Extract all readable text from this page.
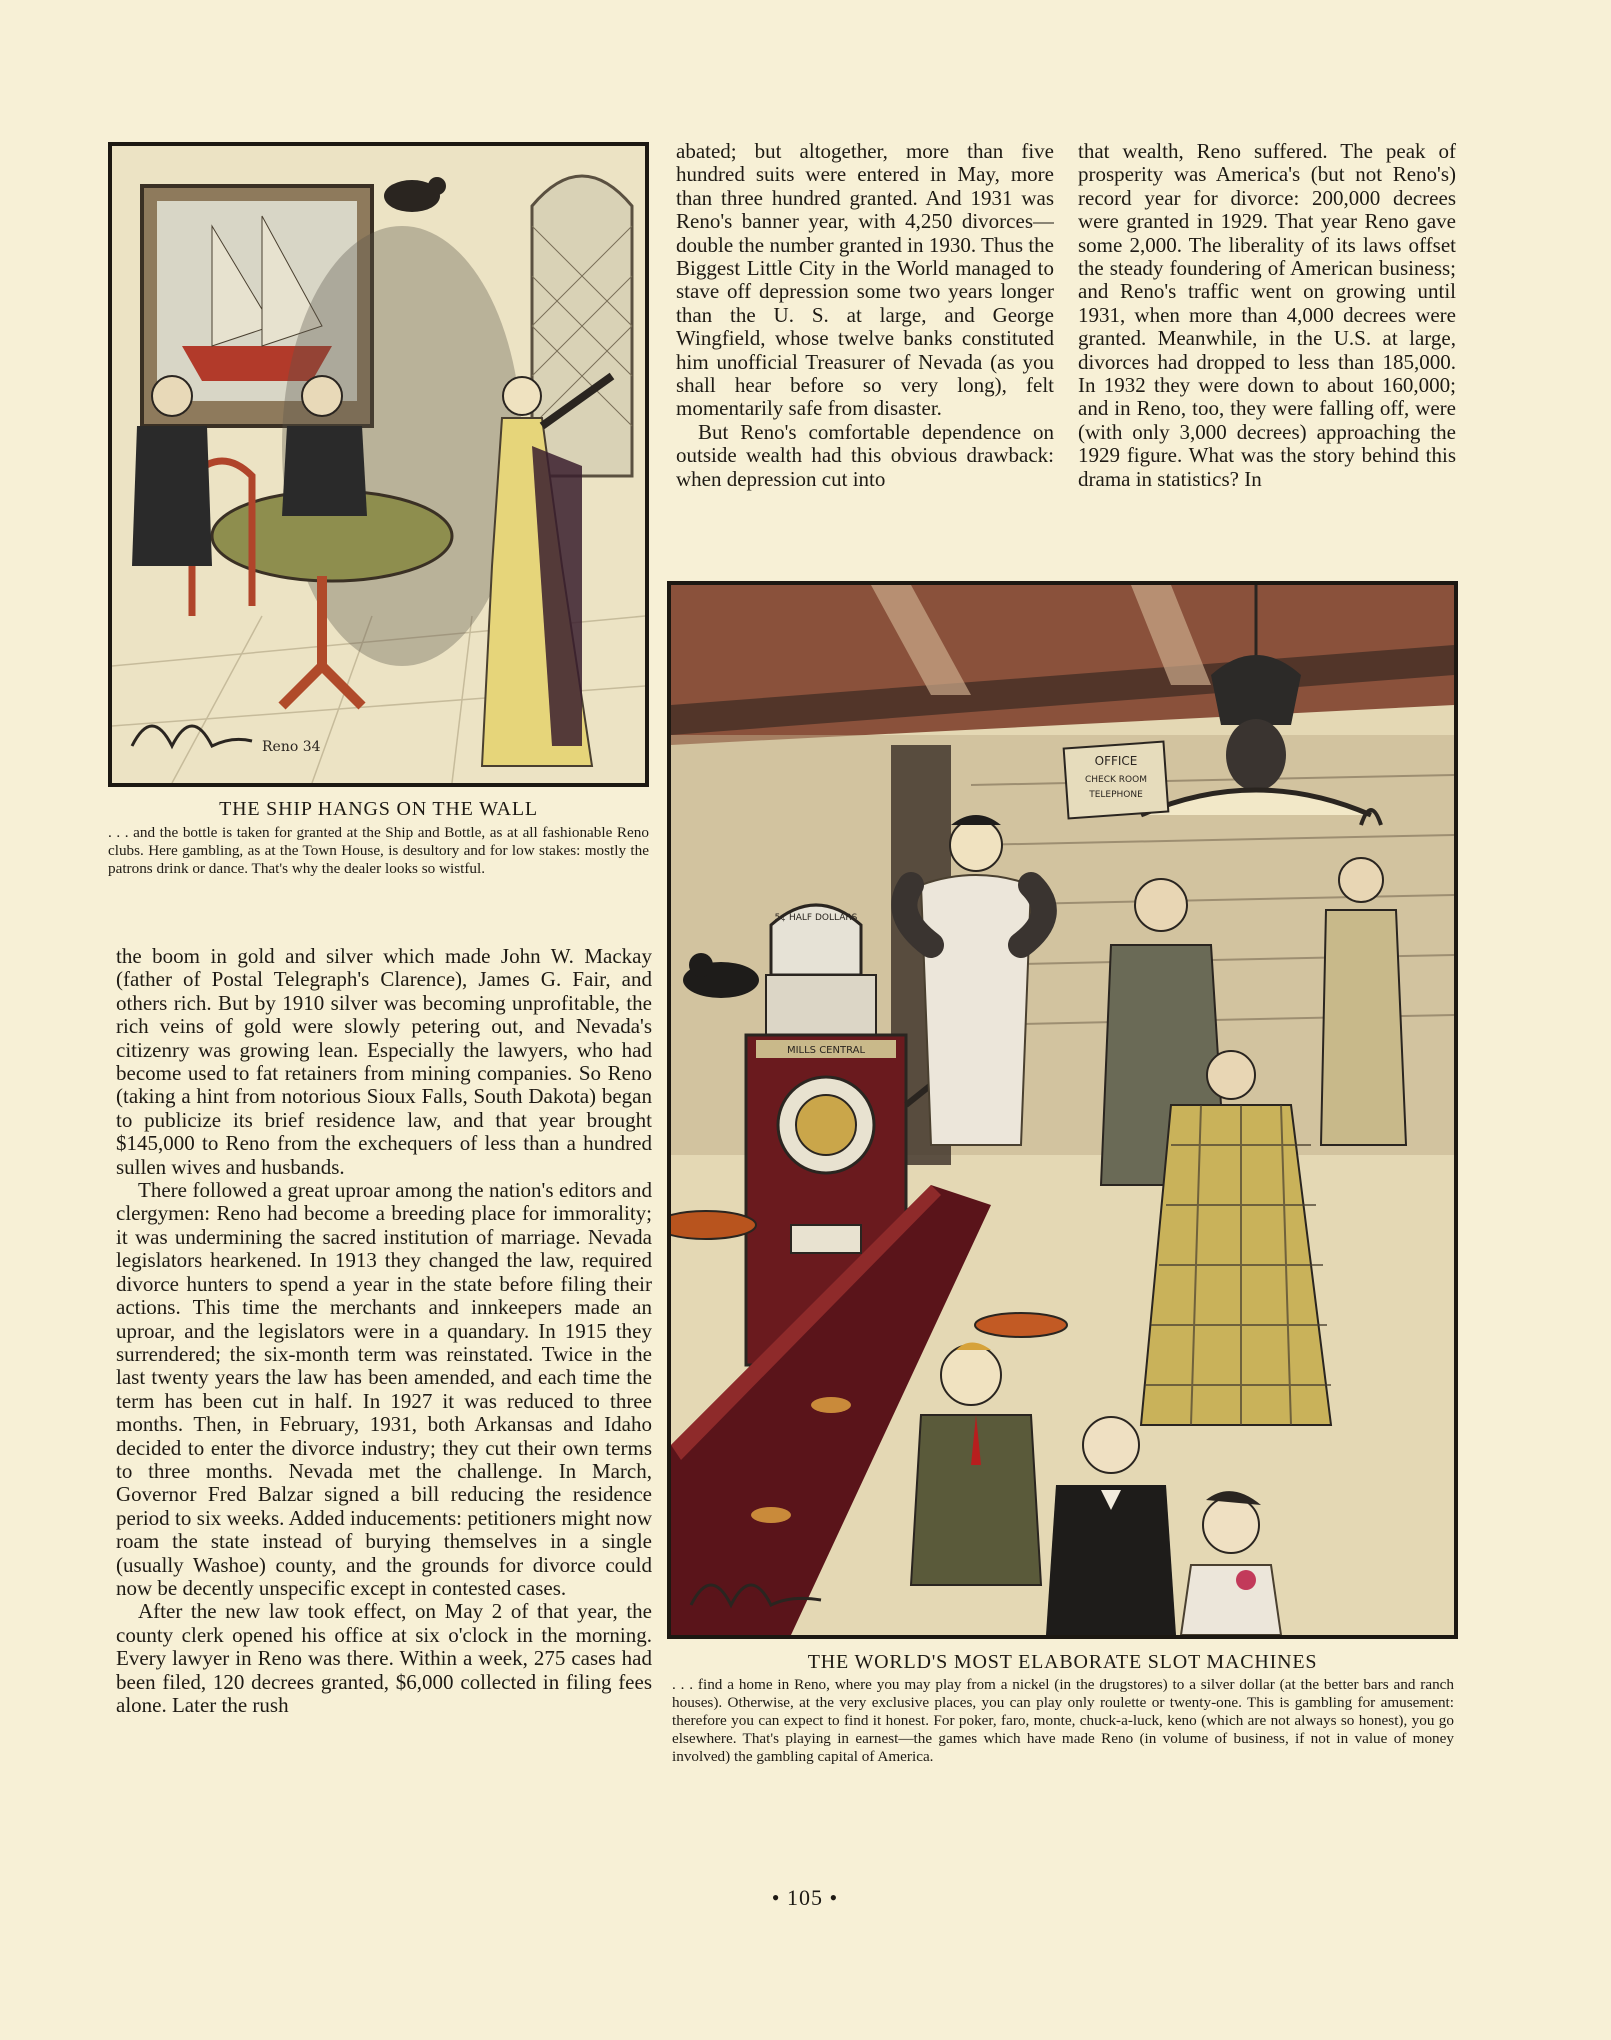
Reno 34
THE SHIP HANGS ON THE WALL
. . . and the bottle is taken for granted at the Ship and Bottle, as at all fashionable Reno clubs. Here gambling, as at the Town House, is desultory and for low stakes: mostly the patrons drink or dance. That's why the dealer looks so wistful.

abated; but altogether, more than five hundred suits were entered in May, more than three hundred granted. And 1931 was Reno's banner year, with 4,250 divorces—double the number granted in 1930. Thus the Biggest Little City in the World managed to stave off depression some two years longer than the U. S. at large, and George Wingfield, whose twelve banks constituted him unofficial Treasurer of Nevada (as you shall hear before so very long), felt momentarily safe from disaster.

But Reno's comfortable dependence on outside wealth had this obvious drawback: when depression cut into

that wealth, Reno suffered. The peak of prosperity was America's (but not Reno's) record year for divorce: 200,000 decrees were granted in 1929. That year Reno gave some 2,000. The liberality of its laws offset the steady foundering of American business; and Reno's traffic went on growing until 1931, when more than 4,000 decrees were granted. Meanwhile, in the U.S. at large, divorces had dropped to less than 185,000. In 1932 they were down to about 160,000; and in Reno, too, they were falling off, were (with only 3,000 decrees) approaching the 1929 figure. What was the story behind this drama in statistics? In

OFFICE
CHECK ROOM
TELEPHONE
5¢ HALF DOLLARS
MILLS CENTRAL
THE WORLD'S MOST ELABORATE SLOT MACHINES
. . . find a home in Reno, where you may play from a nickel (in the drugstores) to a silver dollar (at the better bars and ranch houses). Otherwise, at the very exclusive places, you can play only roulette or twenty-one. This is gambling for amusement: therefore you can expect to find it honest. For poker, faro, monte, chuck-a-luck, keno (which are not always so honest), you go elsewhere. That's playing in earnest—the games which have made Reno (in volume of business, if not in value of money involved) the gambling capital of America.

the boom in gold and silver which made John W. Mackay (father of Postal Telegraph's Clarence), James G. Fair, and others rich. But by 1910 silver was becoming unprofitable, the rich veins of gold were slowly petering out, and Nevada's citizenry was growing lean. Especially the lawyers, who had become used to fat retainers from mining companies. So Reno (taking a hint from notorious Sioux Falls, South Dakota) began to publicize its brief residence law, and that year brought $145,000 to Reno from the exchequers of less than a hundred sullen wives and husbands.

There followed a great uproar among the nation's editors and clergymen: Reno had become a breeding place for immorality; it was undermining the sacred institution of marriage. Nevada legislators hearkened. In 1913 they changed the law, required divorce hunters to spend a year in the state before filing their actions. This time the merchants and innkeepers made an uproar, and the legislators were in a quandary. In 1915 they surrendered; the six-month term was reinstated. Twice in the last twenty years the law has been amended, and each time the term has been cut in half. In 1927 it was reduced to three months. Then, in February, 1931, both Arkansas and Idaho decided to enter the divorce industry; they cut their own terms to three months. Nevada met the challenge. In March, Governor Fred Balzar signed a bill reducing the residence period to six weeks. Added inducements: petitioners might now roam the state instead of burying themselves in a single (usually Washoe) county, and the grounds for divorce could now be decently unspecific except in contested cases.

After the new law took effect, on May 2 of that year, the county clerk opened his office at six o'clock in the morning. Every lawyer in Reno was there. Within a week, 275 cases had been filed, 120 decrees granted, $6,000 collected in filing fees alone. Later the rush

• 105 •
